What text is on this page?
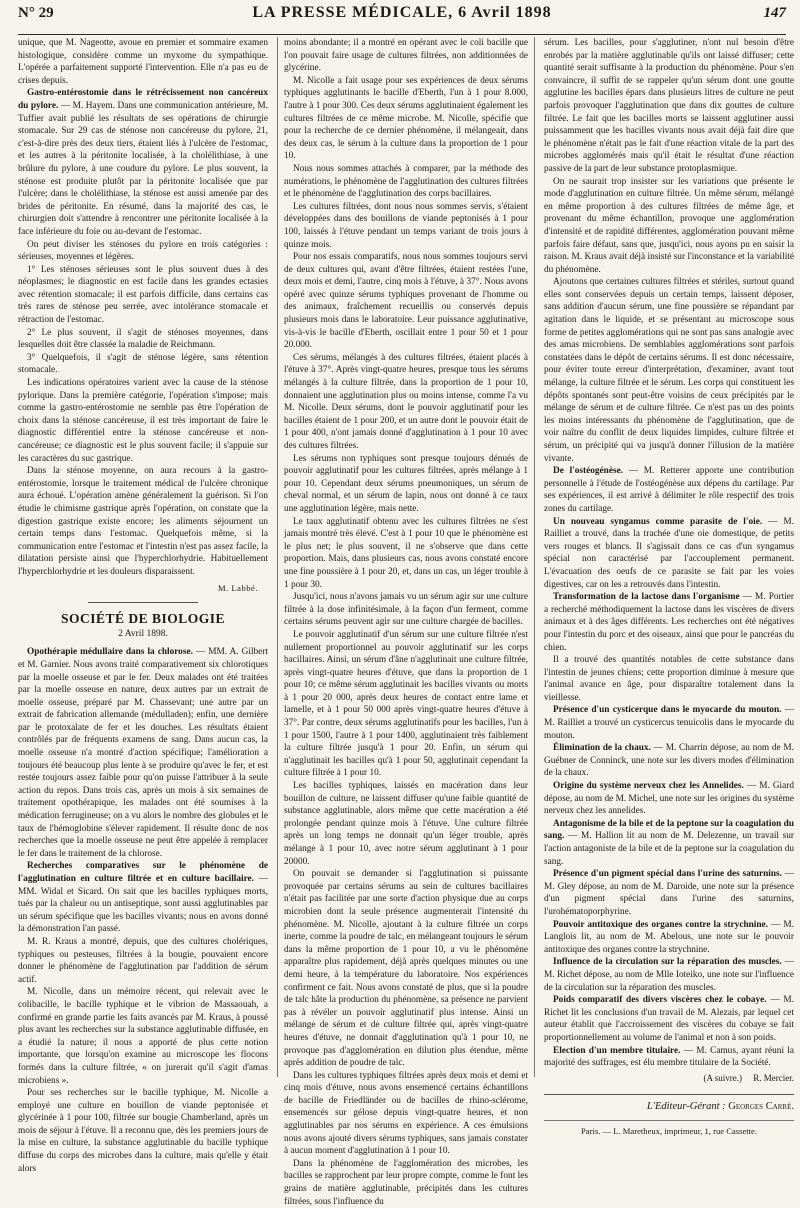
N° 29	LA PRESSE MÉDICALE, 6 Avril 1898	147

unique, que M. Nageotte, avoue en premier et sommaire examen histologique, considère comme un myxome du sympathique. L'opérée a parfaitement supporté l'intervention. Elle n'a pas eu de crises depuis.

Gastro-entérostomie dans le rétrécissement non cancéreux du pylore. — M. Hayem. Dans une communication antérieure, M. Tuffier avait publié les résultats de ses opérations de chirurgie stomacale. Sur 29 cas de sténose non cancéreuse du pylore, 21, c'est-à-dire près des deux tiers, étaient liés à l'ulcère de l'estomac, et les autres à la péritonite localisée, à la cholélithiase, à une brûlure du pylore, à une coudure du pylore. Le plus souvent, la sténose est produite plutôt par la péritonite localisée que par l'ulcère; dans le cholélithiase, la sténose est aussi amenée par des brides de péritonite. En résumé, dans la majorité des cas, le chirurgien doit s'attendre à rencontrer une péritonite localisée à la face inférieure du foie ou au-devant de l'estomac.

On peut diviser les sténoses du pylore en trois catégories : sérieuses, moyennes et légères.

1° Les sténoses sérieuses sont le plus souvent dues à des néoplasmes; le diagnostic en est facile dans les grandes ectasies avec rétention stomacale; il est parfois difficile, dans certains cas très rares de sténose peu serrée, avec intolérance stomacale et rétraction de l'estomac.

2° Le plus souvent, il s'agit de sténoses moyennes, dans lesquelles doit être classée la maladie de Reichmann.

3° Quelquefois, il s'agit de sténose légère, sans rétention stomacale.

Les indications opératoires varient avec la cause de la sténose pylorique. Dans la première catégorie, l'opération s'impose; mais comme la gastro-entérostomie ne semble pas être l'opération de choix dans la sténose cancéreuse, il est très important de faire le diagnostic différentiel entre la sténose cancéreuse et non-cancéreuse; ce diagnostic est le plus souvent facile; il s'appuie sur les caractères du suc gastrique.

Dans la sténose moyenne, on aura recours à la gastro-entérostomie, lorsque le traitement médical de l'ulcère chronique aura échoué. L'opération amène généralement la guérison. Si l'on étudie le chimisme gastrique après l'opération, on constate que la digestion gastrique existe encore; les aliments séjournent un certain temps dans l'estomac. Quelquefois même, si la communication entre l'estomac et l'intestin n'est pas assez facile, la dilatation persiste ainsi que l'hyperchlorhydrie. Habituellement l'hyperchlorhydrie et les douleurs disparaissent.

M. Labbé.
SOCIÉTÉ DE BIOLOGIE
2 Avril 1898.

Opothérapie médullaire dans la chlorose. — MM. A. Gilbert et M. Garnier. Nous avons traité comparativement six chlorotiques par la moelle osseuse et par le fer. Deux malades ont été traitées par la moelle osseuse en nature, deux autres par un extrait de moelle osseuse, préparé par M. Chassevant; une autre par un extrait de fabrication allemande (médulladen); enfin, une dernière par le protoxalate de fer et les douches. Les résultats étaient contrôlés par de fréquents examens de sang. Dans aucun cas, la moelle osseuse n'a montré d'action spécifique; l'amélioration a toujours été beaucoup plus lente à se produire qu'avec le fer, et est restée toujours assez faible pour qu'on puisse l'attribuer à la seule action du repos. Dans trois cas, après un mois à six semaines de traitement opothérapique, les malades ont été soumises à la médication ferrugineuse; on a vu alors le nombre des globules et le taux de l'hémoglobine s'élever rapidement. Il résulte donc de nos recherches que la moelle osseuse ne peut être appelée à remplacer le fer dans le traitement de la chlorose.

Recherches comparatives sur le phénomène de l'agglutination en culture filtrée et en culture bacillaire. — MM. Widal et Sicard. On sait que les bacilles typhiques morts, tués par la chaleur ou un antiseptique, sont aussi agglutinables par un sérum spécifique que les bacilles vivants; nous en avons donné la démonstration l'an passé.

M. R. Kraus a montré, depuis, que des cultures cholériques, typhiques ou pesteuses, filtrées à la bougie, pouvaient encore donner le phénomène de l'agglutination par l'addition de sérum actif.

M. Nicolle, dans un mémoire récent, qui relevait avec le colibacille, le bacille typhique et le vibrion de Massaouah, a confirmé en grande partie les faits avancés par M. Kraus, à poussé plus avant les recherches sur la substance agglutinable diffusée, en a étudié la nature; il nous a apporté de plus cette notion importante, que lorsqu'on examine au microscope les flocons formés dans la culture filtrée, « on jurerait qu'il s'agit d'amas microbiens ».

Pour ses recherches sur le bacille typhique, M. Nicolle a employé une culture en bouillon de viande peptonisée et glycérinée à 1 pour 100, filtrée sur bougie Chamberland, après un mois de séjour à l'étuve. Il a reconnu que, dès les premiers jours de la mise en culture, la substance agglutinable du bacille typhique diffuse du corps des microbes dans la culture, mais qu'elle y était alors

moins abondante; il a montré en opérant avec le coli bacille que l'on pouvait faire usage de cultures filtrées, non additionnées de glycérine.

M. Nicolle a fait usage pour ses expériences de deux sérums typhiques agglutinants le bacille d'Eberth, l'un à 1 pour 8.000, l'autre à 1 pour 300. Ces deux sérums agglutinaient également les cultures filtrées de ce même microbe. M. Nicolle, spécifie que pour la recherche de ce dernier phénomène, il mélangeait, dans des deux cas, le sérum à la culture dans la proportion de 1 pour 10.

Nous nous sommes attachés à comparer, par la méthode des numérations, le phénomène de l'agglutination des cultures filtrées et le phénomène de l'agglutination des corps bacillaires.

Les cultures filtrées, dont nous nous sommes servis, s'étaient développées dans des bouillons de viande peptonisés à 1 pour 100, laissés à l'étuve pendant un temps variant de trois jours à quinze mois.

Pour nos essais comparatifs, nous nous sommes toujours servi de deux cultures qui, avant d'être filtrées, étaient restées l'une, deux mois et demi, l'autre, cinq mois à l'étuve, à 37°. Nous avons opéré avec quinze sérums typhiques provenant de l'homme ou des animaux, fraîchement recueillis ou conservés depuis plusieurs mois dans le laboratoire. Leur puissance agglutinative, vis-à-vis le bacille d'Eberth, oscillait entre 1 pour 50 et 1 pour 20.000.

Ces sérums, mélangés à des cultures filtrées, étaient placés à l'étuve à 37°. Après vingt-quatre heures, presque tous les sérums mélangés à la culture filtrée, dans la proportion de 1 pour 10, donnaient une agglutination plus ou moins intense, comme l'a vu M. Nicolle. Deux sérums, dont le pouvoir agglutinatif pour les bacilles étaient de 1 pour 200, et un autre dont le pouvoir était de 1 pour 400, n'ont jamais donné d'agglutination à 1 pour 10 avec des cultures filtrées.

Les sérums non typhiques sont presque toujours dénués de pouvoir agglutinatif pour les cultures filtrées, après mélange à 1 pour 10. Cependant deux sérums pneumoniques, un sérum de cheval normal, et un sérum de lapin, nous ont donné à ce taux une agglutination légère, mais nette.

Le taux agglutinatif obtenu avec les cultures filtrées ne s'est jamais montré très élevé. C'est à 1 pour 10 que le phénomène est le plus net; le plus souvent, il ne s'observe que dans cette proportion. Mais, dans plusieurs cas, nous avons constaté encore une fine poussière à 1 pour 20, et, dans un cas, un léger trouble à 1 pour 30.

Jusqu'ici, nous n'avons jamais vu un sérum agir sur une culture filtrée à la dose infinitésimale, à la façon d'un ferment, comme certains sérums peuvent agir sur une culture chargée de bacilles.

Le pouvoir agglutinatif d'un sérum sur une culture filtrée n'est nullement proportionnel au pouvoir agglutinatif sur les corps bacillaires. Ainsi, un sérum d'âne n'agglutinait une culture filtrée, après vingt-quatre heures d'étuve, que dans la proportion de 1 pour 10; ce même sérum agglutinait les bacilles vivants ou morts à 1 pour 20 000, après deux heures de contact entre lame et lamelle, et à 1 pour 50 000 après vingt-quatre heures d'étuve à 37°. Par contre, deux sérums agglutinatifs pour les bacilles, l'un à 1 pour 1500, l'autre à 1 pour 1400, agglutinaient très faiblement la culture filtrée jusqu'à 1 pour 20. Enfin, un sérum qui n'agglutinait les bacilles qu'à 1 pour 50, agglutinait cependant la culture filtrée à 1 pour 10.

Les bacilles typhiques, laissés en macération dans leur bouillon de culture, ne laissent diffuser qu'une faible quantité de substance agglutinable, alors même que cette macération a été prolongée pendant quinze mois à l'étuve. Une culture filtrée après un long temps ne donnait qu'un léger trouble, après mélange à 1 pour 10, avec notre sérum agglutinant à 1 pour 20000.

On pouvait se demander si l'agglutination si puissante provoquée par certains sérums au sein de cultures bacillaires n'était pas facilitée par une sorte d'action physique due au corps microbien dont la seule présence augmenterait l'intensité du phénomène. M. Nicolle, ajoutant à la culture filtrée un corps inerte, comme la poudre de talc, en mélangeant toujours le sérum dans la même proportion de 1 pour 10, a vu le phénomène apparaître plus rapidement, déjà après quelques minutes ou une demi heure, à la température du laboratoire. Nos expériences confirment ce fait. Nous avons constaté de plus, que si la poudre de talc hâte la production du phénomène, sa présence ne parvient pas à révéler un pouvoir agglutinatif plus intense. Ainsi un mélange de sérum et de culture filtrée qui, après vingt-quatre heures d'étuve, ne donnait d'agglutination qu'à 1 pour 10, ne provoque pas d'agglomération en dilution plus étendue, même après addition de poudre de talc.

Dans les cultures typhiques filtrées après deux mois et demi et cinq mois d'étuve, nous avons ensemencé certains échantillons de bacille de Friedländer ou de bacilles de rhino-sclérome, ensemencés sur gélose depuis vingt-quatre heures, et non agglutinables par nos sérums en expérience. A ces émulsions nous avons ajouté divers sérums typhiques, sans jamais constater à aucun moment d'agglutination à 1 pour 10.

Dans la phénomène de l'agglomération des microbes, les bacilles se rapprochent par leur propre compte, comme le font les grains de matière agglutinable, précipités dans les cultures filtrées, sous l'influence du

sérum. Les bacilles, pour s'agglutiner, n'ont nul besoin d'être enrobés par la matière agglutinable qu'ils ont laissé diffuser; cette quantité serait suffisante à la production du phénomène. Pour s'en convaincre, il suffit de se rappeler qu'un sérum dont une goutte agglutine les bacilles épars dans plusieurs litres de culture ne peut parfois provoquer l'agglutination que dans dix gouttes de culture filtrée. Le fait que les bacilles morts se laissent agglutiner aussi puissamment que les bacilles vivants nous avait déjà fait dire que le phénomène n'était pas le fait d'une réaction vitale de la part des microbes agglomérés mais qu'il était le résultat d'une réaction passive de la part de leur substance protoplasmique.

On ne saurait trop insister sur les variations que présente le mode d'agglutination en culture filtrée. Un même sérum, mélangé en même proportion à des cultures filtrées de même âge, et provenant du même échantillon, provoque une agglomération d'intensité et de rapidité différentes, agglomération pouvant même parfois faire défaut, sans que, jusqu'ici, nous ayons pu en saisir la raison. M. Kraus avait déjà insisté sur l'inconstance et la variabilité du phénomène.

Ajoutons que certaines cultures filtrées et stériles, surtout quand elles sont conservées depuis un certain temps, laissent déposer, sans addition d'aucun sérum, une fine poussière se répandant par agitation dans le liquide, et se présentant au microscope sous forme de petites agglomérations qui ne sont pas sans analogie avec des amas microbiens. De semblables agglomérations sont parfois constatées dans le dépôt de certains sérums. Il est donc nécessaire, pour éviter toute erreur d'interprétation, d'examiner, avant tout mélange, la culture filtrée et le sérum. Les corps qui constituent les dépôts spontanés sont peut-être voisins de ceux précipités par le mélange de sérum et de culture filtrée. Ce n'est pas un des points les moins intéressants du phénomène de l'agglutination, que de voir naître du conflit de deux liquides limpides, culture filtrée et sérum, un précipité qui va jusqu'à donner l'illusion de la matière vivante.

De l'ostéogénèse. — M. Retterer apporte une contribution personnelle à l'étude de l'ostéogénèse aux dépens du cartilage. Par ses expériences, il est arrivé à délimiter le rôle respectif des trois zones du cartilage.

Un nouveau syngamus comme parasite de l'oie. — M. Railliet a trouvé, dans la trachée d'une oie domestique, de petits vers rouges et blancs. Il s'agissait dans ce cas d'un syngamus spécial non caractérisé par l'accouplement permanent. L'évacuation des oeufs de ce parasite se fait par les voies digestives, car on les a retrouvés dans l'intestin.

Transformation de la lactose dans l'organisme — M. Portier a recherché méthodiquement la lactose dans les viscères de divers animaux et à des âges différents. Les recherches ont été négatives pour l'intestin du porc et des oiseaux, ainsi que pour le pancréas du chien.

Il a trouvé des quantités notables de cette substance dans l'intestin de jeunes chiens; cette proportion diminue à mesure que l'animal avance en âge, pour disparaître totalement dans la vieillesse.

Présence d'un cysticerque dans le myocarde du mouton. — M. Railliet a trouvé un cysticercus tenuicolis dans le myocarde du mouton.

Élimination de la chaux. — M. Charrin dépose, au nom de M. Guébner de Conninck, une note sur les divers modes d'élimination de la chaux.

Origine du système nerveux chez les Annelides. — M. Giard dépose, au nom de M. Michel, une note sur les origines du système nerveux chez les annelides.

Antagonisme de la bile et de la peptone sur la coagulation du sang. — M. Hallion lit au nom de M. Delezenne, un travail sur l'action antagoniste de la bile et de la peptone sur la coagulation du sang.

Présence d'un pigment spécial dans l'urine des saturnins. — M. Gley dépose, au nom de M. Daroide, une note sur la présence d'un pigment spécial dans l'urine des saturnins, l'urohématoporphyrine.

Pouvoir antitoxique des organes contre la strychnine. — M. Langlois lit, au nom de M. Abelous, une note sur le pouvoir antitoxique des organes contre la strychnine.

Influence de la circulation sur la réparation des muscles. — M. Richet dépose, au nom de Mlle Ioteiko, une note sur l'influence de la circulation sur la réparation des muscles.

Poids comparatif des divers viscères chez le cobaye. — M. Richet lit les conclusions d'un travail de M. Alezais, par lequel cet auteur établit que l'accroissement des viscères du cobaye se fait proportionnellement au volume de l'animal et non à son poids.

Election d'un membre titulaire. — M. Camus, ayant réuni la majorité des suffrages, est élu membre titulaire de la Société.

(A suivre.) R. Mercier.
L'Editeur-Gérant : Georges Carré.
Paris. — L. Maretheux, imprimeur, 1, rue Cassette.
